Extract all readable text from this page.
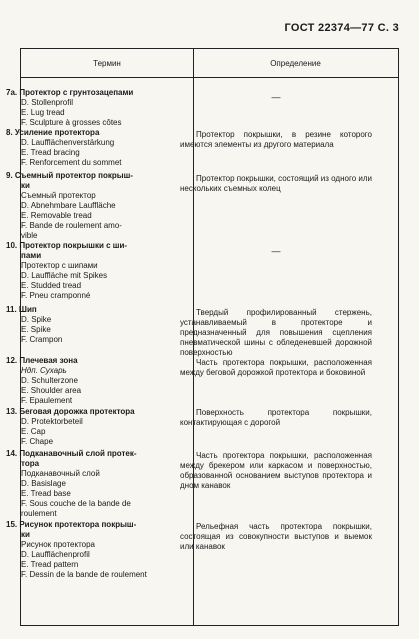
ГОСТ 22374—77 С. 3
Термин	Определение
7а. Протектор с грунтозацепами
D. Stollenprofil
E. Lug tread
F. Sculpture à grosses côtes
—
8. Усиление протектора
D. Laufflächenverstärkung
E. Tread bracing
F. Renforcement du sommet
Протектор покрышки, в резине которого имеются элементы из другого материала
9. Съемный протектор покрыш-
ки
Съемный протектор
D. Abnehmbare Lauffläche
E. Removable tread
F. Bande de roulement amo-
vible
Протектор покрышки, состоящий из одного или нескольких съемных колец
10. Протектор покрышки с ши-
пами
Протектор с шипами
D. Lauffläche mit Spikes
E. Studded tread
F. Pneu cramponné
—
11. Шип
D. Spike
E. Spike
F. Crampon
Твердый профилированный стержень, устанавливаемый в протекторе и предназначенный для повышения сцепления пневматической шины с обледеневшей дорожной поверхностью
12. Плечевая зона
Ндп. Сухарь
D. Schulterzone
E. Shoulder area
F. Epaulement
Часть протектора покрышки, расположенная между беговой дорожкой протектора и боковиной
13. Беговая дорожка протектора
D. Protektorbeteil
E. Cap
F. Chape
Поверхность протектора покрышки, контактирующая с дорогой
14. Подканавочный слой протек-
тора
Подканавочный слой
D. Basislage
E. Tread base
F. Sous couche de la bande de
roulement
Часть протектора покрышки, расположенная между брекером или каркасом и поверхностью, образованной основанием выступов протектора и дном канавок
15. Рисунок протектора покрыш-
ки
Рисунок протектора
D. Laufflächenprofil
E. Tread pattern
F. Dessin de la bande de roulement
Рельефная часть протектора покрышки, состоящая из совокупности выступов и выемок или канавок
